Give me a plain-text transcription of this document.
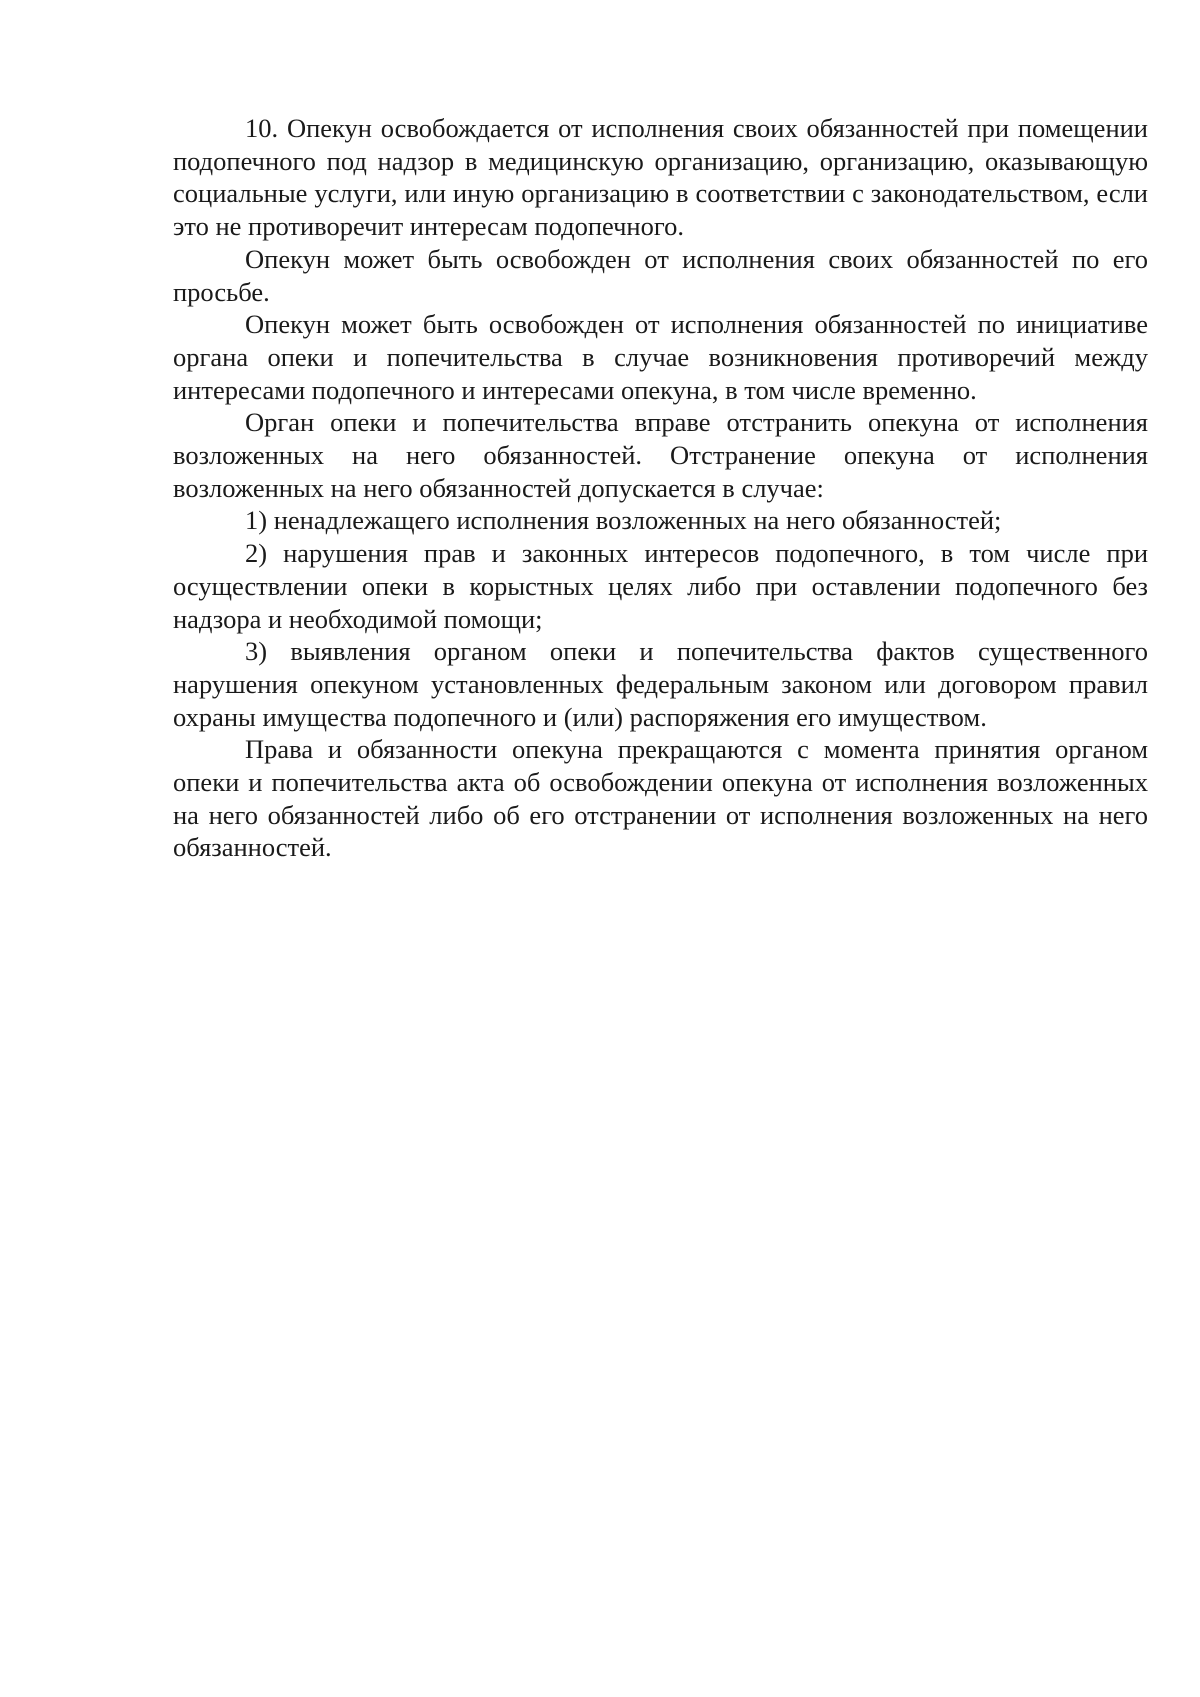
10. Опекун освобождается от исполнения своих обязанностей при помещении подопечного под надзор в медицинскую организацию, организацию, оказывающую социальные услуги, или иную организацию в соответствии с законодательством, если это не противоречит интересам подопечного.

Опекун может быть освобожден от исполнения своих обязанностей по его просьбе.

Опекун может быть освобожден от исполнения обязанностей по инициативе органа опеки и попечительства в случае возникновения противоречий между интересами подопечного и интересами опекуна, в том числе временно.

Орган опеки и попечительства вправе отстранить опекуна от исполнения возложенных на него обязанностей. Отстранение опекуна от исполнения возложенных на него обязанностей допускается в случае:

1) ненадлежащего исполнения возложенных на него обязанностей;

2) нарушения прав и законных интересов подопечного, в том числе при осуществлении опеки в корыстных целях либо при оставлении подопечного без надзора и необходимой помощи;

3) выявления органом опеки и попечительства фактов существенного нарушения опекуном установленных федеральным законом или договором правил охраны имущества подопечного и (или) распоряжения его имуществом.

Права и обязанности опекуна прекращаются с момента принятия органом опеки и попечительства акта об освобождении опекуна от исполнения возложенных на него обязанностей либо об его отстранении от исполнения возложенных на него обязанностей.
